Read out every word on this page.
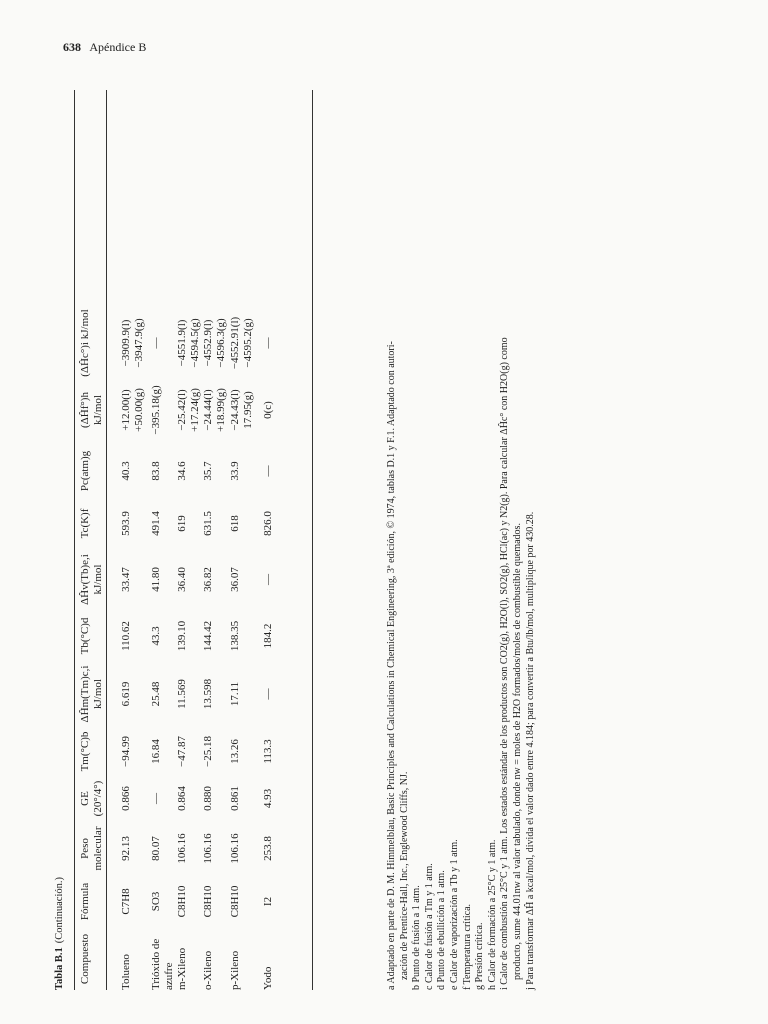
638 Apéndice B
Tabla B.1(Continuación.)
Compuesto
Fórmula
Peso molecular
GE (20°/4°)
Tm(°C)b
ΔĤm(Tm)c,i kJ/mol
Tb(°C)d
ΔĤv(Tb)e,i kJ/mol
Tc(K)f
Pc(atm)g
(ΔĤf°)h kJ/mol
(ΔĤc°)i kJ/mol
Tolueno
C7H8
92.13
0.866
−94.99
6.619
110.62
33.47
593.9
40.3
+12.00(l) +50.00(g)
−3909.9(l) −3947.9(g)
Trióxido de azufre
SO3
80.07
—
16.84
25.48
43.3
41.80
491.4
83.8
−395.18(g)
—
m-Xileno
C8H10
106.16
0.864
−47.87
11.569
139.10
36.40
619
34.6
−25.42(l) +17.24(g)
−4551.9(l) −4594.5(g)
o-Xileno
C8H10
106.16
0.880
−25.18
13.598
144.42
36.82
631.5
35.7
−24.44(l) +18.99(g)
−4552.9(l) −4596.3(g)
p-Xileno
C8H10
106.16
0.861
13.26
17.11
138.35
36.07
618
33.9
−24.43(l) 17.95(g)
−4552.91(l) −4595.2(g)
Yodo
I2
253.8
4.93
113.3
—
184.2
—
826.0
—
0(c)
—	a Adaptado en parte de D. M. Himmelblau, Basic Principles and Calculations in Chemical Engineering, 3ª edición, © 1974, tablas D.1 y F.1. Adaptado con autori- zación de Prentice-Hall, Inc., Englewood Cliffs, NJ. b Punto de fusión a 1 atm. c Calor de fusión a Tm y 1 atm. d Punto de ebullición a 1 atm. e Calor de vaporización a Tb y 1 atm. f Temperatura crítica. g Presión crítica. h Calor de formación a 25°C y 1 atm. i Calor de combustión a 25°C y 1 atm. Los estados estándar de los productos son CO2(g), H2O(l), SO2(g), HCl(ac) y N2(g). Para calcular ΔĤc° con H2O(g) como producto, sume 44.01nw al valor tabulado, donde nw = moles de H2O formados/moles de combustible quemados. j Para transformar ΔĤ a kcal/mol, divida el valor dado entre 4.184; para convertir a Btu/lb/mol, multiplique por 430.28.
